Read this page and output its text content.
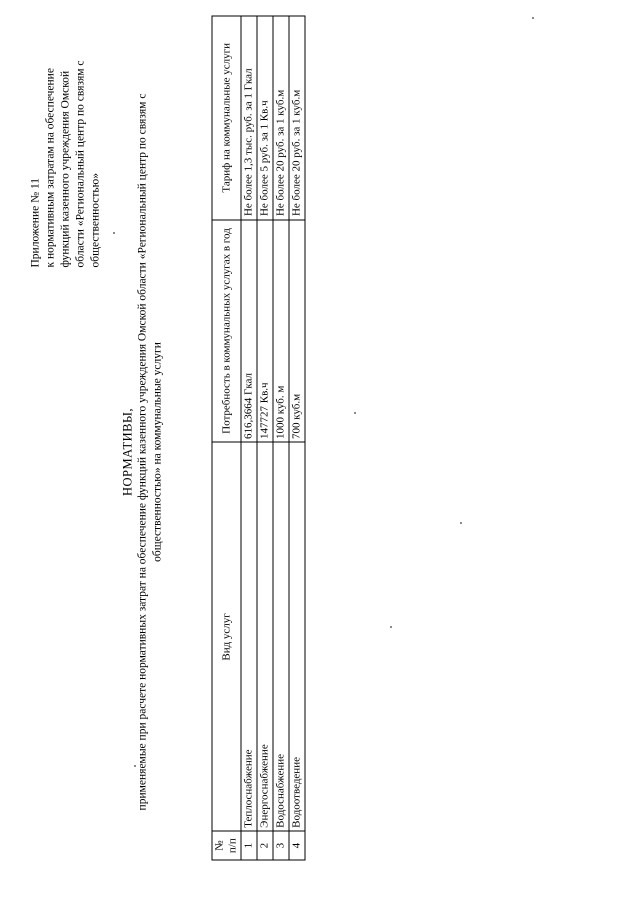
Приложение № 11 к нормативным затратам на обеспечение функций казенного учреждения Омской области «Региональный центр по связям с общественностью»
НОРМАТИВЫ, применяемые при расчете нормативных затрат на обеспечение функций казенного учреждения Омской области «Региональный центр по связям с общественностью» на коммунальные услуги
№ п/п	Вид услуг	Потребность в коммунальных услугах в год	Тариф на коммунальные услуги
1	Теплоснабжение	616,3664 Гкал	Не более 1,3 тыс. руб. за 1 Гкал
2	Энергоснабжение	147727 Кв.ч	Не более 5 руб. за 1 Кв.ч
3	Водоснабжение	1000 куб. м	Не более 20 руб. за 1 куб.м
4	Водоотведение	700 куб.м	Не более 20 руб. за 1 куб.м
